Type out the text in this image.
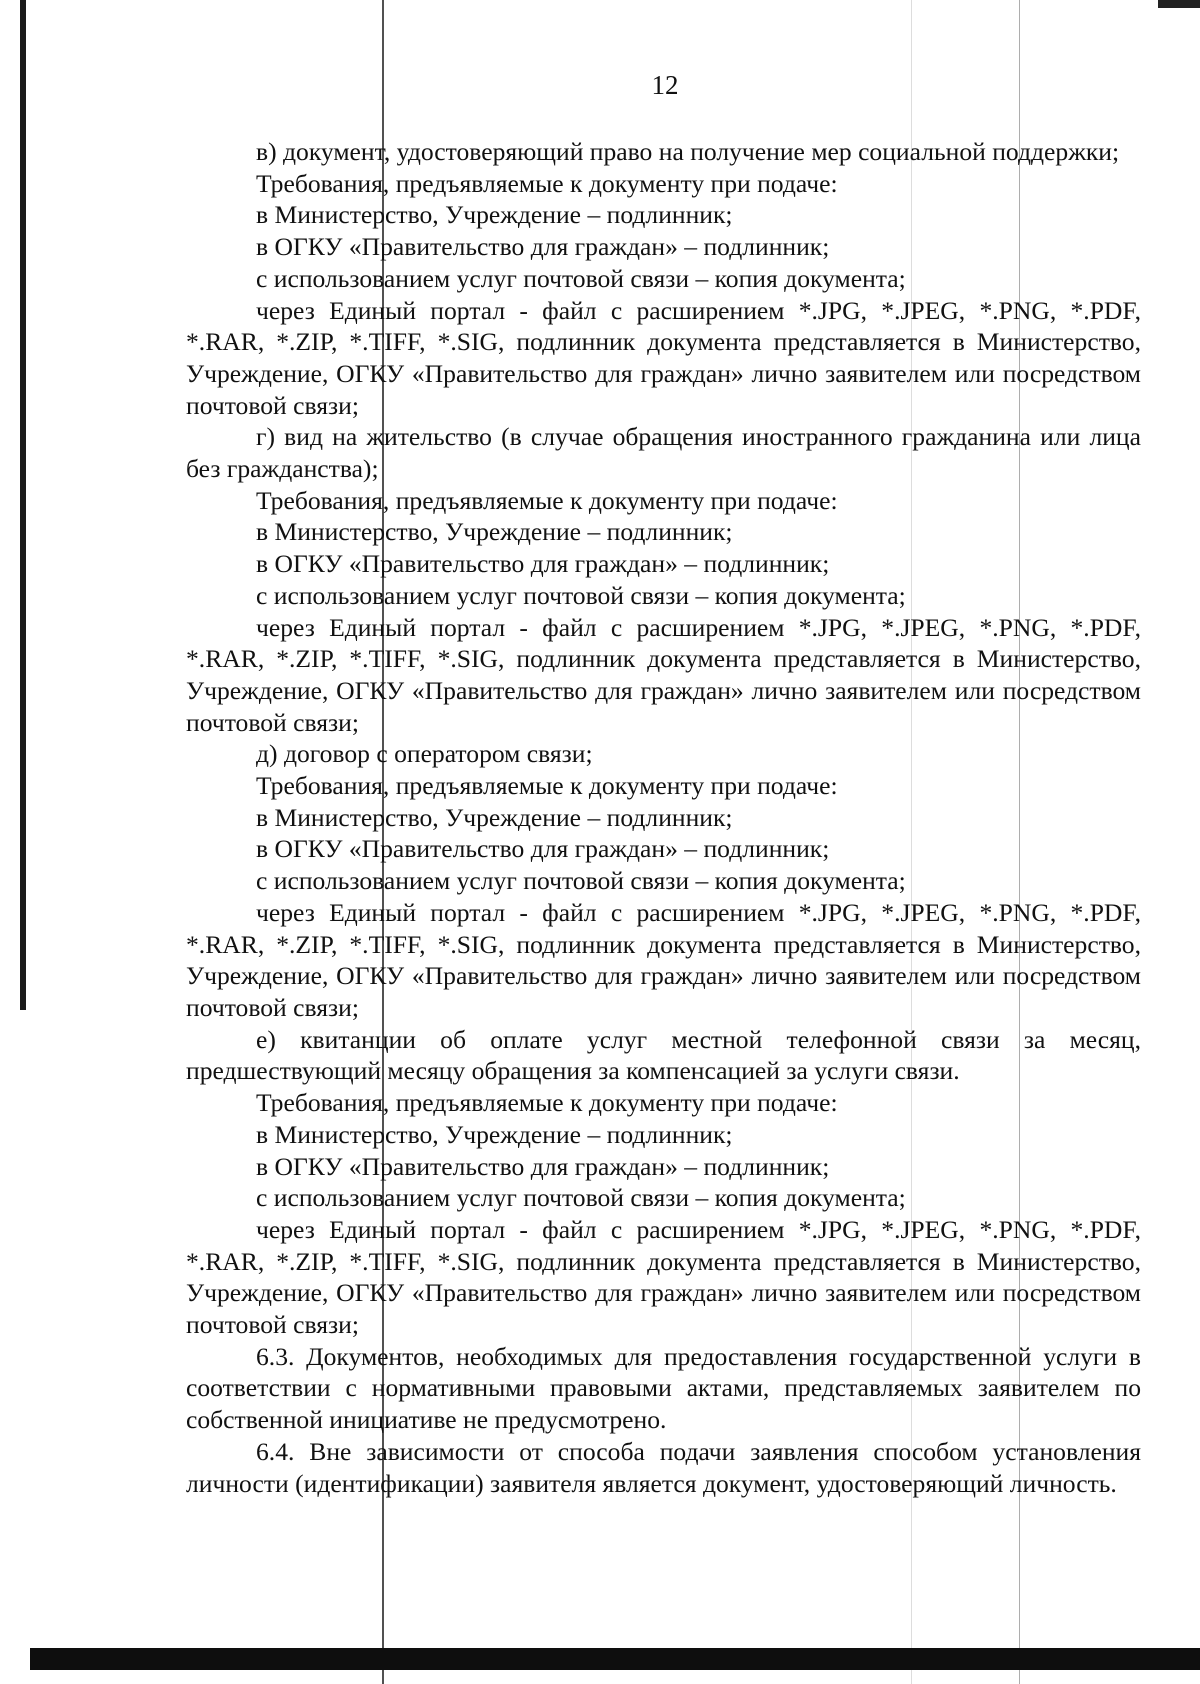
12

в) документ, удостоверяющий право на получение мер социальной поддержки;

Требования, предъявляемые к документу при подаче:

в Министерство, Учреждение – подлинник;

в ОГКУ «Правительство для граждан» – подлинник;

с использованием услуг почтовой связи – копия документа;

через Единый портал - файл с расширением *.JPG, *.JPEG, *.PNG, *.PDF, *.RAR, *.ZIP, *.TIFF, *.SIG, подлинник документа представляется в Министерство, Учреждение, ОГКУ «Правительство для граждан» лично заявителем или посредством почтовой связи;

г) вид на жительство (в случае обращения иностранного гражданина или лица без гражданства);

Требования, предъявляемые к документу при подаче:

в Министерство, Учреждение – подлинник;

в ОГКУ «Правительство для граждан» – подлинник;

с использованием услуг почтовой связи – копия документа;

через Единый портал - файл с расширением *.JPG, *.JPEG, *.PNG, *.PDF, *.RAR, *.ZIP, *.TIFF, *.SIG, подлинник документа представляется в Министерство, Учреждение, ОГКУ «Правительство для граждан» лично заявителем или посредством почтовой связи;

д) договор с оператором связи;

Требования, предъявляемые к документу при подаче:

в Министерство, Учреждение – подлинник;

в ОГКУ «Правительство для граждан» – подлинник;

с использованием услуг почтовой связи – копия документа;

через Единый портал - файл с расширением *.JPG, *.JPEG, *.PNG, *.PDF, *.RAR, *.ZIP, *.TIFF, *.SIG, подлинник документа представляется в Министерство, Учреждение, ОГКУ «Правительство для граждан» лично заявителем или посредством почтовой связи;

е) квитанции об оплате услуг местной телефонной связи за месяц, предшествующий месяцу обращения за компенсацией за услуги связи.

Требования, предъявляемые к документу при подаче:

в Министерство, Учреждение – подлинник;

в ОГКУ «Правительство для граждан» – подлинник;

с использованием услуг почтовой связи – копия документа;

через Единый портал - файл с расширением *.JPG, *.JPEG, *.PNG, *.PDF, *.RAR, *.ZIP, *.TIFF, *.SIG, подлинник документа представляется в Министерство, Учреждение, ОГКУ «Правительство для граждан» лично заявителем или посредством почтовой связи;

6.3. Документов, необходимых для предоставления государственной услуги в соответствии с нормативными правовыми актами, представляемых заявителем по собственной инициативе не предусмотрено.

6.4. Вне зависимости от способа подачи заявления способом установления личности (идентификации) заявителя является документ, удостоверяющий личность.
